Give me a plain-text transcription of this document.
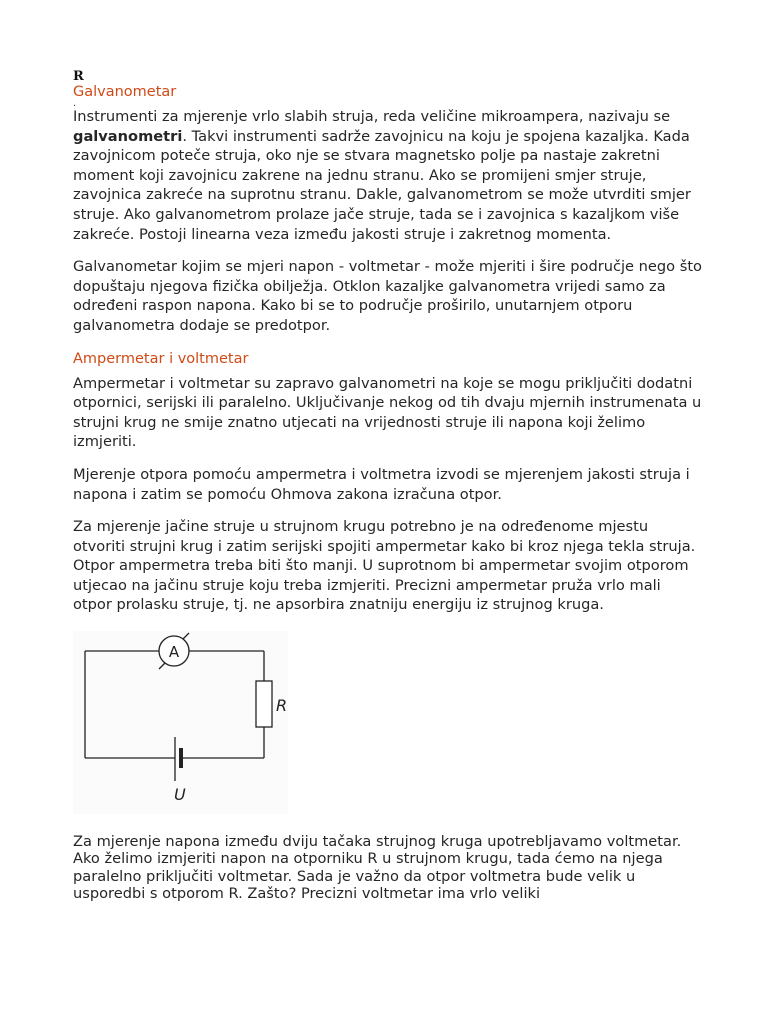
R
Galvanometar
.

Instrumenti za mjerenje vrlo slabih struja, reda veličine mikroampera, nazivaju se galvanometri. Takvi instrumenti sadrže zavojnicu na koju je spojena kazaljka. Kada zavojnicom poteče struja, oko nje se stvara magnetsko polje pa nastaje zakretni moment koji zavojnicu zakrene na jednu stranu. Ako se promijeni smjer struje, zavojnica zakreće na suprotnu stranu. Dakle, galvanometrom se može utvrditi smjer struje. Ako galvanometrom prolaze jače struje, tada se i zavojnica s kazaljkom više zakreće. Postoji linearna veza između jakosti struje i zakretnog momenta.

Galvanometar kojim se mjeri napon - voltmetar - može mjeriti i šire područje nego što dopuštaju njegova fizička obilježja. Otklon kazaljke galvanometra vrijedi samo za određeni raspon napona. Kako bi se to područje proširilo, unutarnjem otporu galvanometra dodaje se predotpor.

Ampermetar i voltmetar

Ampermetar i voltmetar su zapravo galvanometri na koje se mogu priključiti dodatni otpornici, serijski ili paralelno. Uključivanje nekog od tih dvaju mjernih instrumenata u strujni krug ne smije znatno utjecati na vrijednosti struje ili napona koji želimo izmjeriti.

Mjerenje otpora pomoću ampermetra i voltmetra izvodi se mjerenjem jakosti struja i napona i zatim se pomoću Ohmova zakona izračuna otpor.

Za mjerenje jačine struje u strujnom krugu potrebno je na određenome mjestu otvoriti strujni krug i zatim serijski spojiti ampermetar kako bi kroz njega tekla struja. Otpor ampermetra treba biti što manji. U suprotnom bi ampermetar svojim otporom utjecao na jačinu struje koju treba izmjeriti. Precizni ampermetar pruža vrlo mali otpor prolasku struje, tj. ne apsorbira znatniju energiju iz strujnog kruga.

A
R
U

Za mjerenje napona između dviju tačaka strujnog kruga upotrebljavamo voltmetar. Ako želimo izmjeriti napon na otporniku R u strujnom krugu, tada ćemo na njega paralelno priključiti voltmetar. Sada je važno da otpor voltmetra bude velik u usporedbi s otporom R. Zašto? Precizni voltmetar ima vrlo veliki
